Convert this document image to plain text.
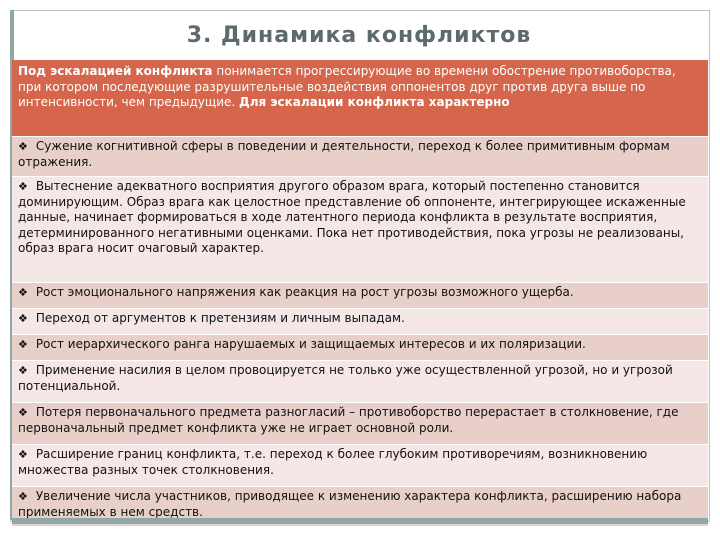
3. Динамика конфликтов
Под эскалацией конфликта понимается прогрессирующие во времени обострение противоборства, при котором последующие разрушительные воздействия оппонентов друг против друга выше по интенсивности, чем предыдущие. Для эскалации конфликта характерно
❖ Сужение когнитивной сферы в поведении и деятельности, переход к более примитивным формам отражения.
❖ Вытеснение адекватного восприятия другого образом врага, который постепенно становится доминирующим. Образ врага как целостное представление об оппоненте, интегрирующее искаженные данные, начинает формироваться в ходе латентного периода конфликта в результате восприятия, детерминированного негативными оценками. Пока нет противодействия, пока угрозы не реализованы, образ врага носит очаговый характер.
❖ Рост эмоционального напряжения как реакция на рост угрозы возможного ущерба.
❖ Переход от аргументов к претензиям и личным выпадам.
❖ Рост иерархического ранга нарушаемых и защищаемых интересов и их поляризации.
❖ Применение насилия в целом провоцируется не только уже осуществленной угрозой, но и угрозой потенциальной.
❖ Потеря первоначального предмета разногласий – противоборство перерастает в столкновение, где первоначальный предмет конфликта уже не играет основной роли.
❖ Расширение границ конфликта, т.е. переход к более глубоким противоречиям, возникновению множества разных точек столкновения.
❖ Увеличение числа участников, приводящее к изменению характера конфликта, расширению набора применяемых в нем средств.
